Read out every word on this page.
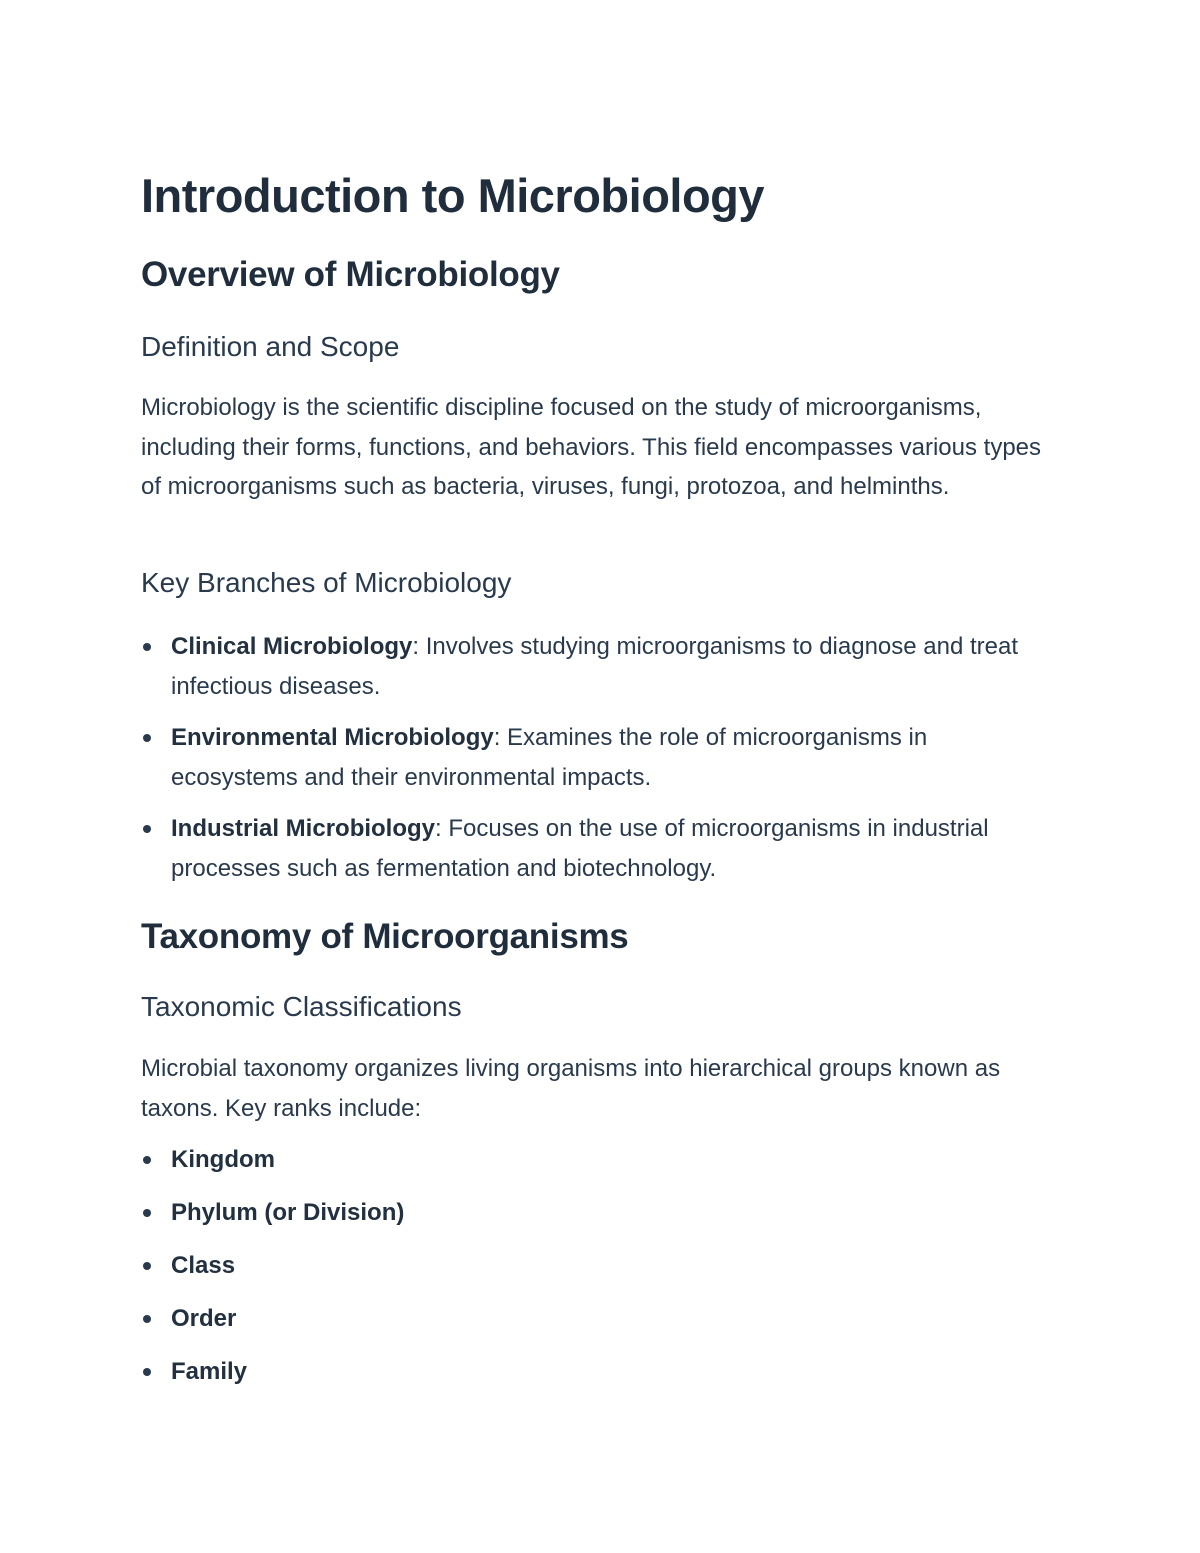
Introduction to Microbiology
Overview of Microbiology
Definition and Scope

Microbiology is the scientific discipline focused on the study of microorganisms, including their forms, functions, and behaviors. This field encompasses various types of microorganisms such as bacteria, viruses, fungi, protozoa, and helminths.

Key Branches of Microbiology
Clinical Microbiology: Involves studying microorganisms to diagnose and treat infectious diseases.
Environmental Microbiology: Examines the role of microorganisms in ecosystems and their environmental impacts.
Industrial Microbiology: Focuses on the use of microorganisms in industrial processes such as fermentation and biotechnology.
Taxonomy of Microorganisms
Taxonomic Classifications

Microbial taxonomy organizes living organisms into hierarchical groups known as taxons. Key ranks include:

Kingdom
Phylum (or Division)
Class
Order
Family
